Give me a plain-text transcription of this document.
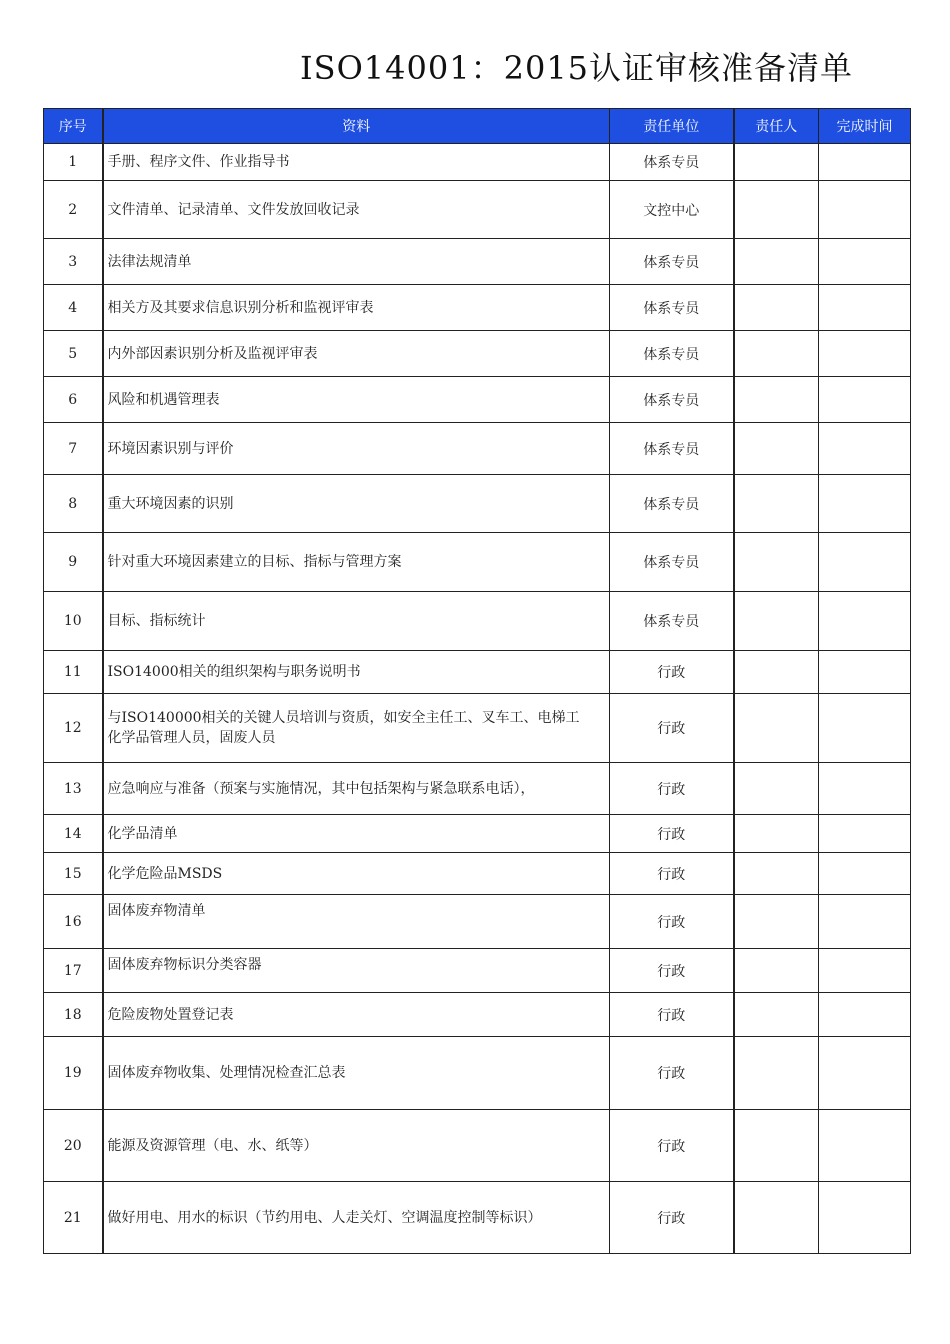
ISO14001：2015认证审核准备清单
序号	资料	责任单位	责任人	完成时间
1	手册、程序文件、作业指导书	体系专员		
2	文件清单、记录清单、文件发放回收记录	文控中心		
3	法律法规清单	体系专员		
4	相关方及其要求信息识别分析和监视评审表	体系专员		
5	内外部因素识别分析及监视评审表	体系专员		
6	风险和机遇管理表	体系专员		
7	环境因素识别与评价	体系专员		
8	重大环境因素的识别	体系专员		
9	针对重大环境因素建立的目标、指标与管理方案	体系专员		
10	目标、指标统计	体系专员		
11	ISO14000相关的组织架构与职务说明书	行政		
12	与ISO140000相关的关键人员培训与资质，如安全主任工、叉车工、电梯工 化学品管理人员，固废人员	行政		
13	应急响应与准备（预案与实施情况，其中包括架构与紧急联系电话），	行政		
14	化学品清单	行政		
15	化学危险品MSDS	行政		
16	固体废弃物清单	行政		
17	固体废弃物标识分类容器	行政		
18	危险废物处置登记表	行政		
19	固体废弃物收集、处理情况检查汇总表	行政		
20	能源及资源管理（电、水、纸等）	行政		
21	做好用电、用水的标识（节约用电、人走关灯、空调温度控制等标识）	行政		
